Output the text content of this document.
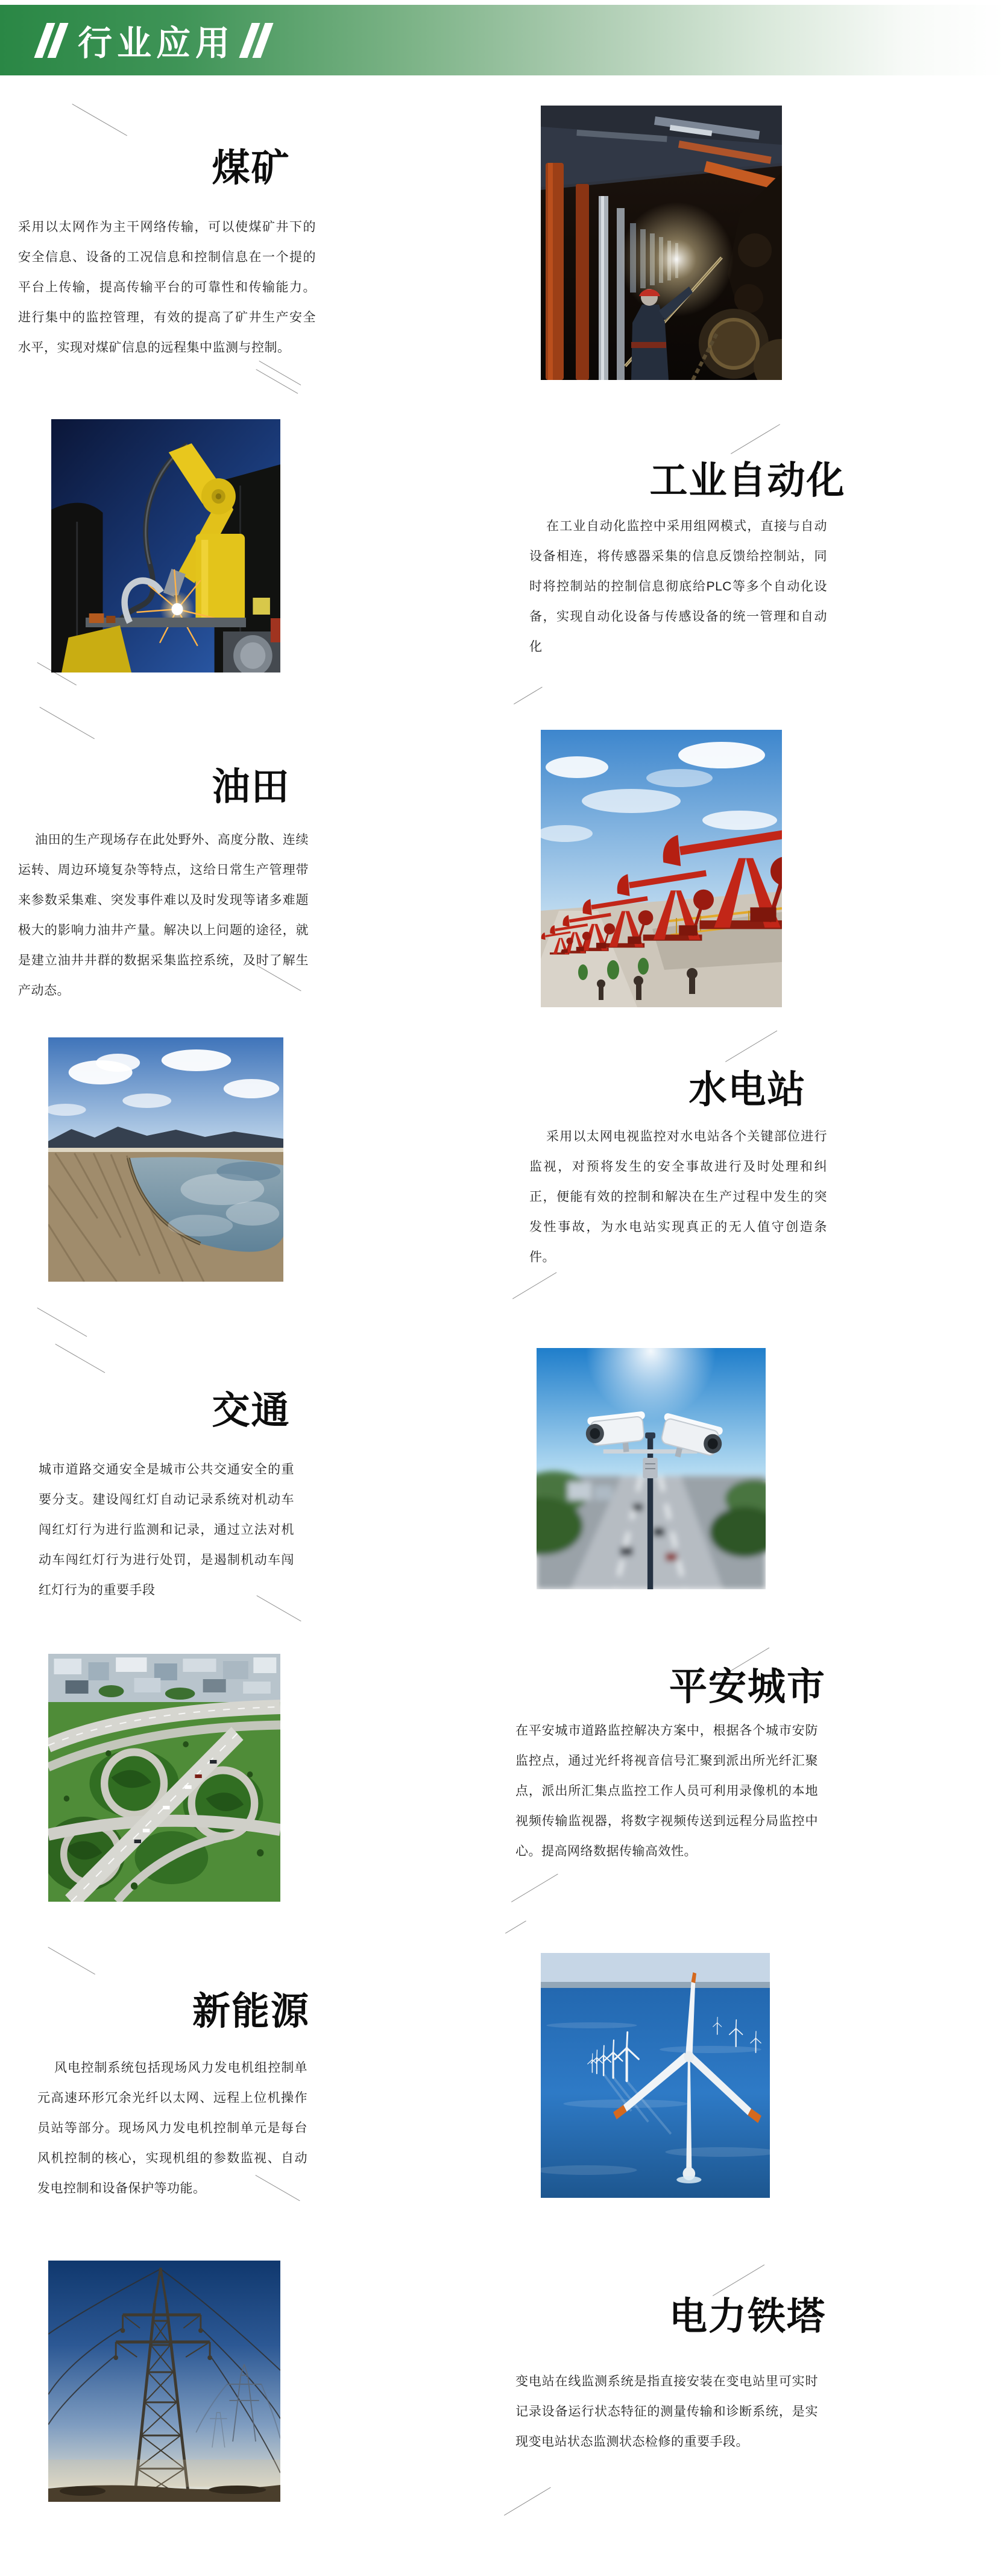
行业应用
煤矿

采用以太网作为主干网络传输，可以使煤矿井下的安全信息、设备的工况信息和控制信息在一个提的平台上传输，提高传输平台的可靠性和传输能力。进行集中的监控管理，有效的提高了矿井生产安全水平，实现对煤矿信息的远程集中监测与控制。

工业自动化

在工业自动化监控中采用组网模式，直接与自动设备相连，将传感器采集的信息反馈给控制站，同时将控制站的控制信息彻底给PLC等多个自动化设备，实现自动化设备与传感设备的统一管理和自动化

油田

油田的生产现场存在此处野外、高度分散、连续运转、周边环境复杂等特点，这给日常生产管理带来参数采集难、突发事件难以及时发现等诸多难题极大的影响力油井产量。解决以上问题的途径，就是建立油井井群的数据采集监控系统，及时了解生产动态。

水电站

采用以太网电视监控对水电站各个关键部位进行监视，对预将发生的安全事故进行及时处理和纠正，便能有效的控制和解决在生产过程中发生的突发性事故，为水电站实现真正的无人值守创造条件。

交通

城市道路交通安全是城市公共交通安全的重要分支。建设闯红灯自动记录系统对机动车闯红灯行为进行监测和记录，通过立法对机动车闯红灯行为进行处罚，是遏制机动车闯红灯行为的重要手段

平安城市

在平安城市道路监控解决方案中，根据各个城市安防监控点，通过光纤将视音信号汇聚到派出所光纤汇聚点，派出所汇集点监控工作人员可利用录像机的本地视频传输监视器，将数字视频传送到远程分局监控中心。提高网络数据传输高效性。

新能源

风电控制系统包括现场风力发电机组控制单元高速环形冗余光纤以太网、远程上位机操作员站等部分。现场风力发电机控制单元是每台风机控制的核心，实现机组的参数监视、自动发电控制和设备保护等功能。

电力铁塔

变电站在线监测系统是指直接安装在变电站里可实时记录设备运行状态特征的测量传输和诊断系统，是实现变电站状态监测状态检修的重要手段。
